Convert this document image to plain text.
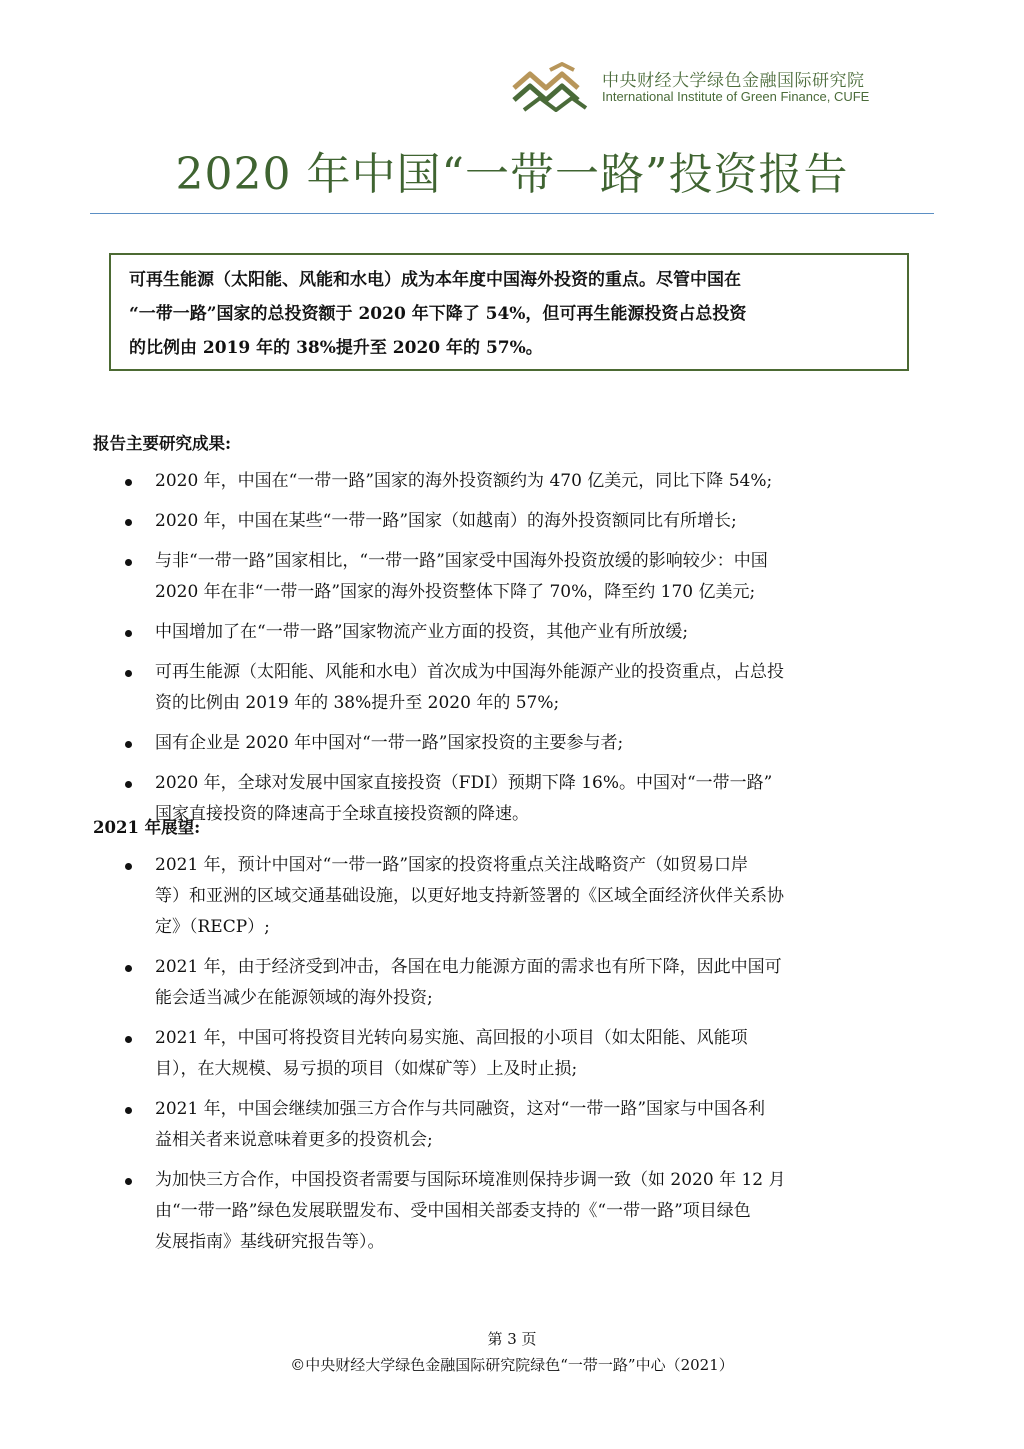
中央财经大学绿色金融国际研究院
International Institute of Green Finance, CUFE
2020 年中国“一带一路”投资报告
可再生能源（太阳能、风能和水电）成为本年度中国海外投资的重点。尽管中国在
“一带一路”国家的总投资额于 2020 年下降了 54%，但可再生能源投资占总投资
的比例由 2019 年的 38%提升至 2020 年的 57%。
报告主要研究成果:
2020 年，中国在“一带一路”国家的海外投资额约为 470 亿美元，同比下降 54%;
2020 年，中国在某些“一带一路”国家（如越南）的海外投资额同比有所增长;
与非“一带一路”国家相比，“一带一路”国家受中国海外投资放缓的影响较少：中国
2020 年在非“一带一路”国家的海外投资整体下降了 70%，降至约 170 亿美元;
中国增加了在“一带一路”国家物流产业方面的投资，其他产业有所放缓;
可再生能源（太阳能、风能和水电）首次成为中国海外能源产业的投资重点，占总投
资的比例由 2019 年的 38%提升至 2020 年的 57%;
国有企业是 2020 年中国对“一带一路”国家投资的主要参与者;
2020 年，全球对发展中国家直接投资（FDI）预期下降 16%。中国对“一带一路”
国家直接投资的降速高于全球直接投资额的降速。
2021 年展望:
2021 年，预计中国对“一带一路”国家的投资将重点关注战略资产（如贸易口岸
等）和亚洲的区域交通基础设施，以更好地支持新签署的《区域全面经济伙伴关系协
定》（RECP）;
2021 年，由于经济受到冲击，各国在电力能源方面的需求也有所下降，因此中国可
能会适当减少在能源领域的海外投资;
2021 年，中国可将投资目光转向易实施、高回报的小项目（如太阳能、风能项
目），在大规模、易亏损的项目（如煤矿等）上及时止损;
2021 年，中国会继续加强三方合作与共同融资，这对“一带一路”国家与中国各利
益相关者来说意味着更多的投资机会;
为加快三方合作，中国投资者需要与国际环境准则保持步调一致（如 2020 年 12 月
由“一带一路”绿色发展联盟发布、受中国相关部委支持的《“一带一路”项目绿色
发展指南》基线研究报告等）。
第 3 页
©中央财经大学绿色金融国际研究院绿色“一带一路”中心（2021）
